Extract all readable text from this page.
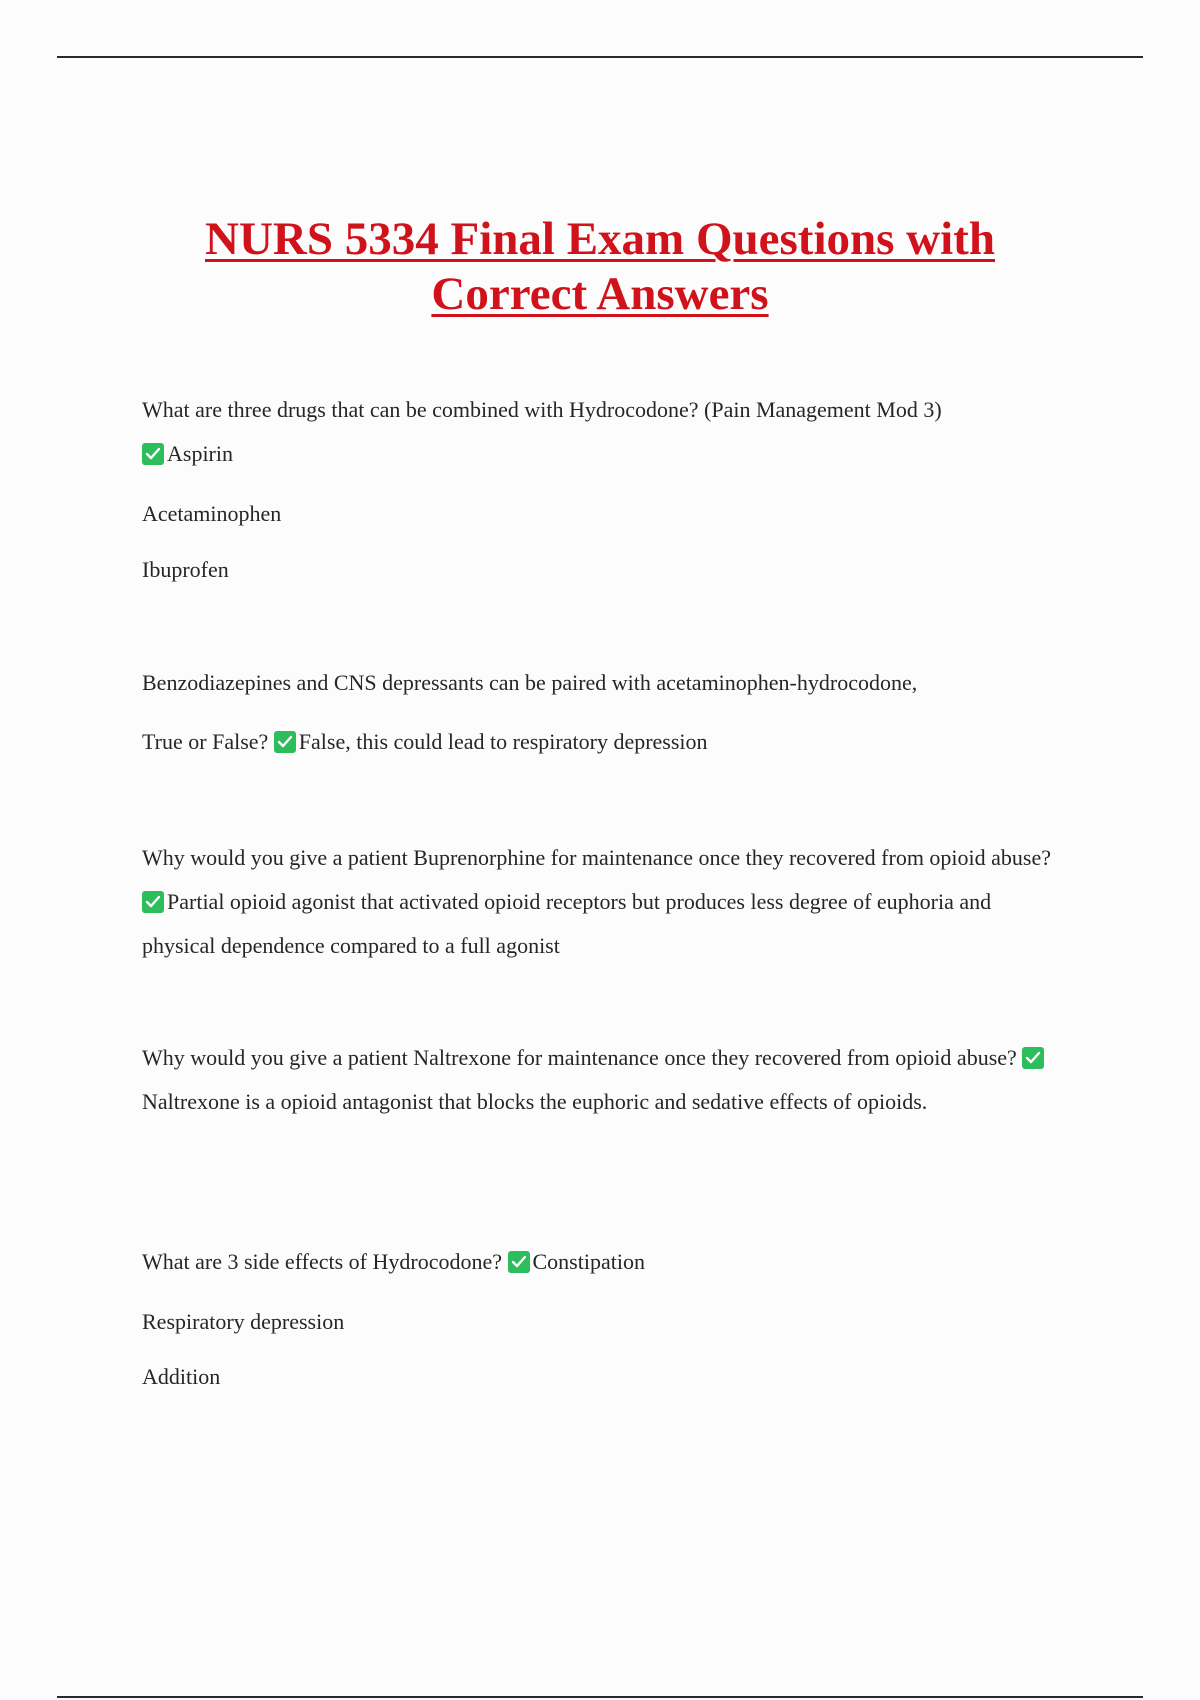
NURS 5334 Final Exam Questions with
Correct Answers
What are three drugs that can be combined with Hydrocodone? (Pain Management Mod 3)

Aspirin
Acetaminophen
Ibuprofen
Benzodiazepines and CNS depressants can be paired with acetaminophen-hydrocodone,
True or False? False, this could lead to respiratory depression
Why would you give a patient Buprenorphine for maintenance once they recovered from opioid abuse?
Partial opioid agonist that activated opioid receptors but produces less degree of euphoria and physical dependence compared to a full agonist
Why would you give a patient Naltrexone for maintenance once they recovered from opioid abuse?
Naltrexone is a opioid antagonist that blocks the euphoric and sedative effects of opioids.
What are 3 side effects of Hydrocodone? Constipation
Respiratory depression
Addition
